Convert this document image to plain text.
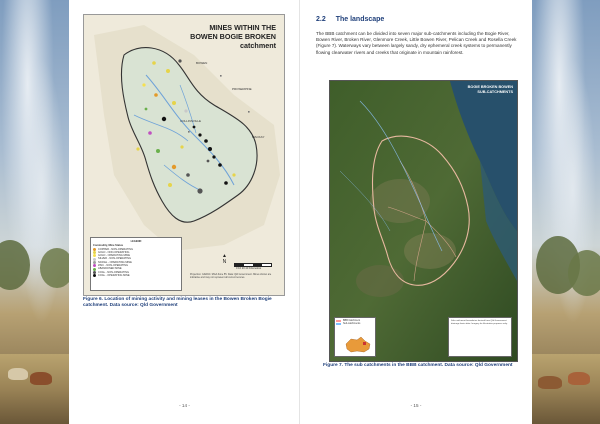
MINES WITHIN THE
BOWEN BOGIE BROKEN
catchment
BOWEN
PROSERPINE
COLLINSVILLE
MACKAY
LEGEND
Commodity, Mine Status
COPPER - NON-OPERATING
GOLD - NON-OPERATING
GOLD - OPERATING MINE
SILVER - NON-OPERATING
NICKEL - OPERATING MINE
ZINC - NON-OPERATING
ABANDONED MINE
COAL - NON-OPERATING
COAL - OPERATING MINE
▲
N
0 10 20 40 Kilometres
Projection: GDA94 / MGA Zone 55. Data: Qld Government. Mines shown are indicative and may not represent all current tenures.
Figure 6. Location of mining activity and mining leases in the Bowen Broken Bogie catchment. Data source: Qld Government
- 14 -
2.2 The landscape
The BBB catchment can be divided into seven major sub-catchments including the Bogie River, Bowen River, Broken River, Glenmore Creek, Little Bowen River, Pelican Creek and Rosella Creek (Figure 7). Waterways vary between largely sandy, dry ephemeral creek systems to permanently flowing clearwater rivers and creeks that originate in mountain rainforest.
BOGIE BROKEN BOWEN
SUB-CATCHMENTS
BBB Catchment
Sub-catchments
Sub-catchment boundaries derived from Qld Government drainage basin data. Imagery for illustrative purposes only.
Figure 7. The sub catchments in the BBB catchment. Data source: Qld Government
- 15 -
